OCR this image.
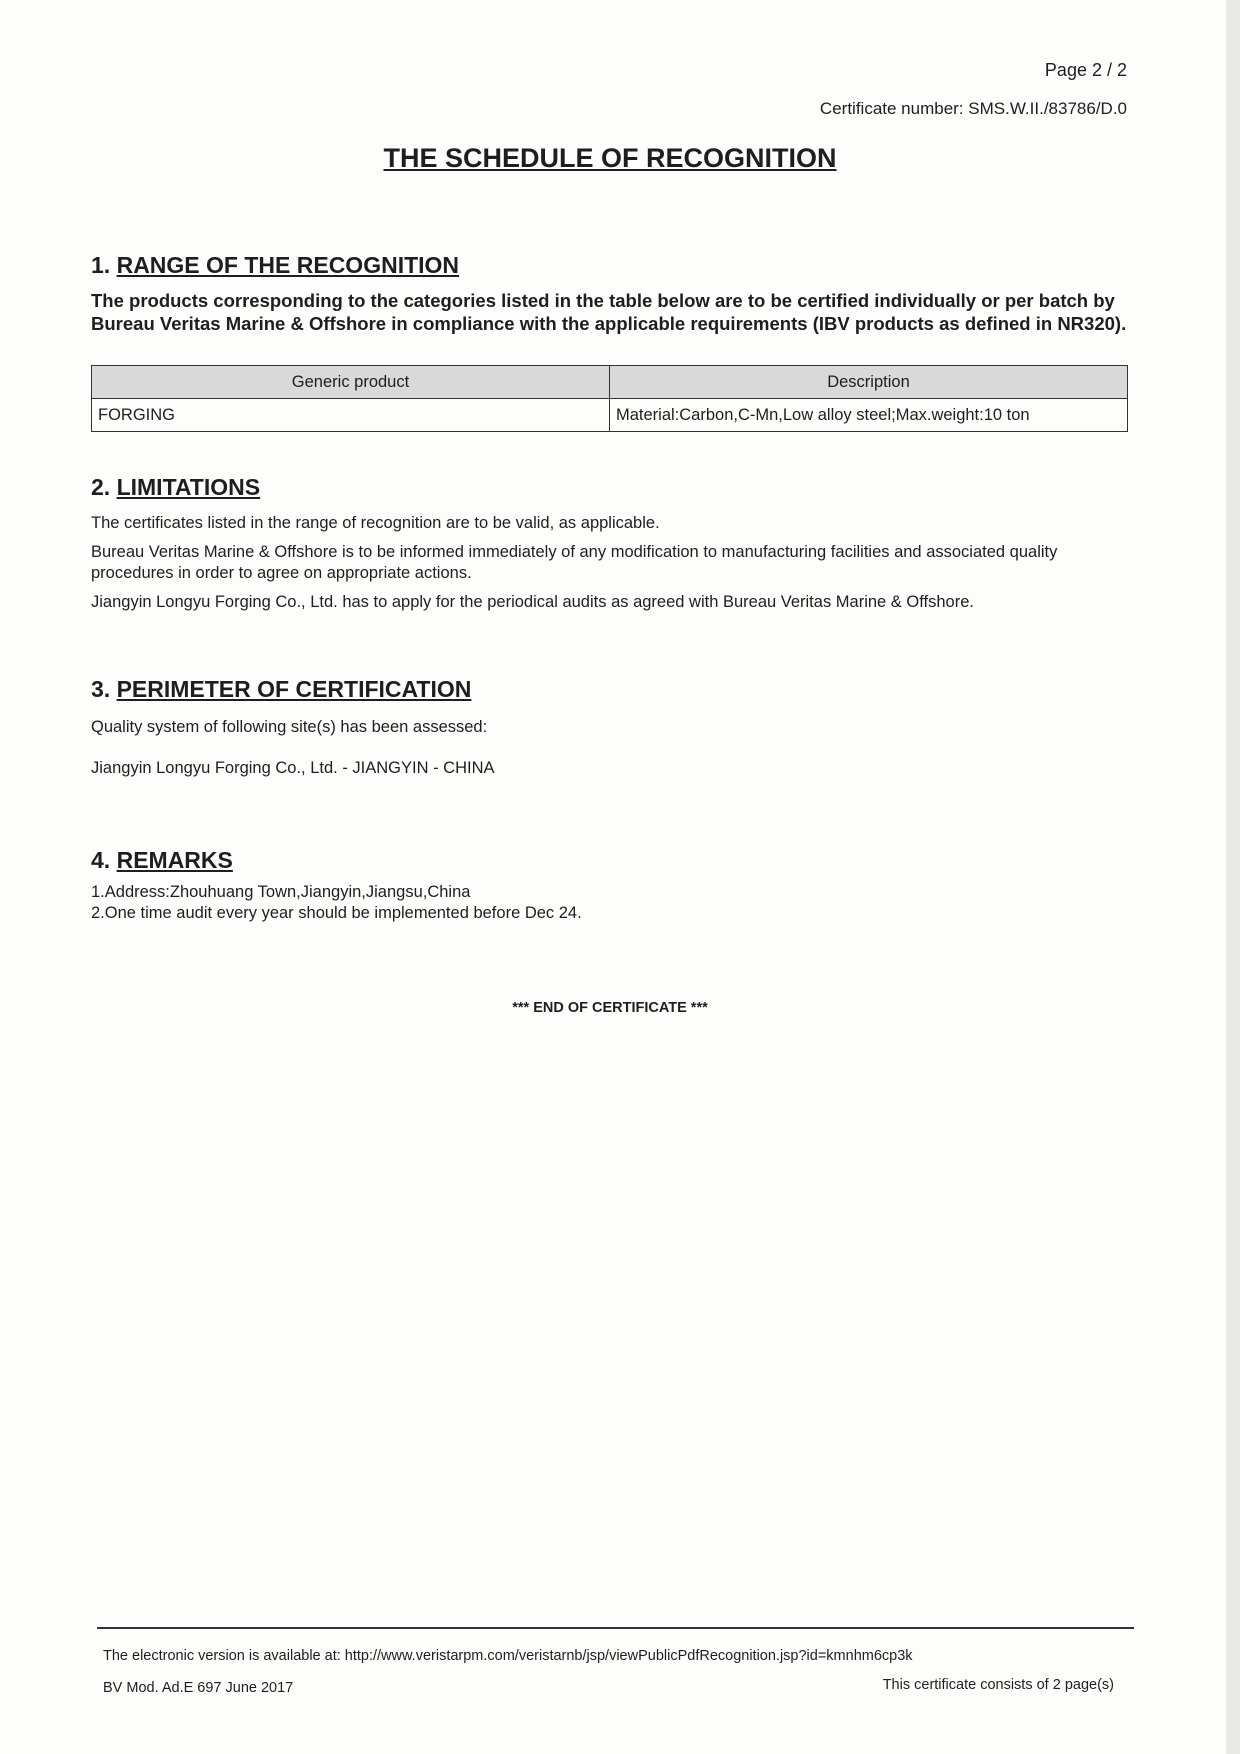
Page 2 / 2
Certificate number: SMS.W.II./83786/D.0
THE SCHEDULE OF RECOGNITION
1. RANGE OF THE RECOGNITION

The products corresponding to the categories listed in the table below are to be certified individually or per batch by Bureau Veritas Marine & Offshore in compliance with the applicable requirements (IBV products as defined in NR320).

Generic product	Description
FORGING	Material:Carbon,C-Mn,Low alloy steel;Max.weight:10 ton
2. LIMITATIONS

The certificates listed in the range of recognition are to be valid, as applicable.

Bureau Veritas Marine & Offshore is to be informed immediately of any modification to manufacturing facilities and associated quality procedures in order to agree on appropriate actions.

Jiangyin Longyu Forging Co., Ltd. has to apply for the periodical audits as agreed with Bureau Veritas Marine & Offshore.

3. PERIMETER OF CERTIFICATION

Quality system of following site(s) has been assessed:

Jiangyin Longyu Forging Co., Ltd. - JIANGYIN - CHINA

4. REMARKS

1.Address:Zhouhuang Town,Jiangyin,Jiangsu,China

2.One time audit every year should be implemented before Dec 24.

*** END OF CERTIFICATE ***
The electronic version is available at: http://www.veristarpm.com/veristarnb/jsp/viewPublicPdfRecognition.jsp?id=kmnhm6cp3k
BV Mod. Ad.E 697 June 2017	This certificate consists of 2 page(s)
